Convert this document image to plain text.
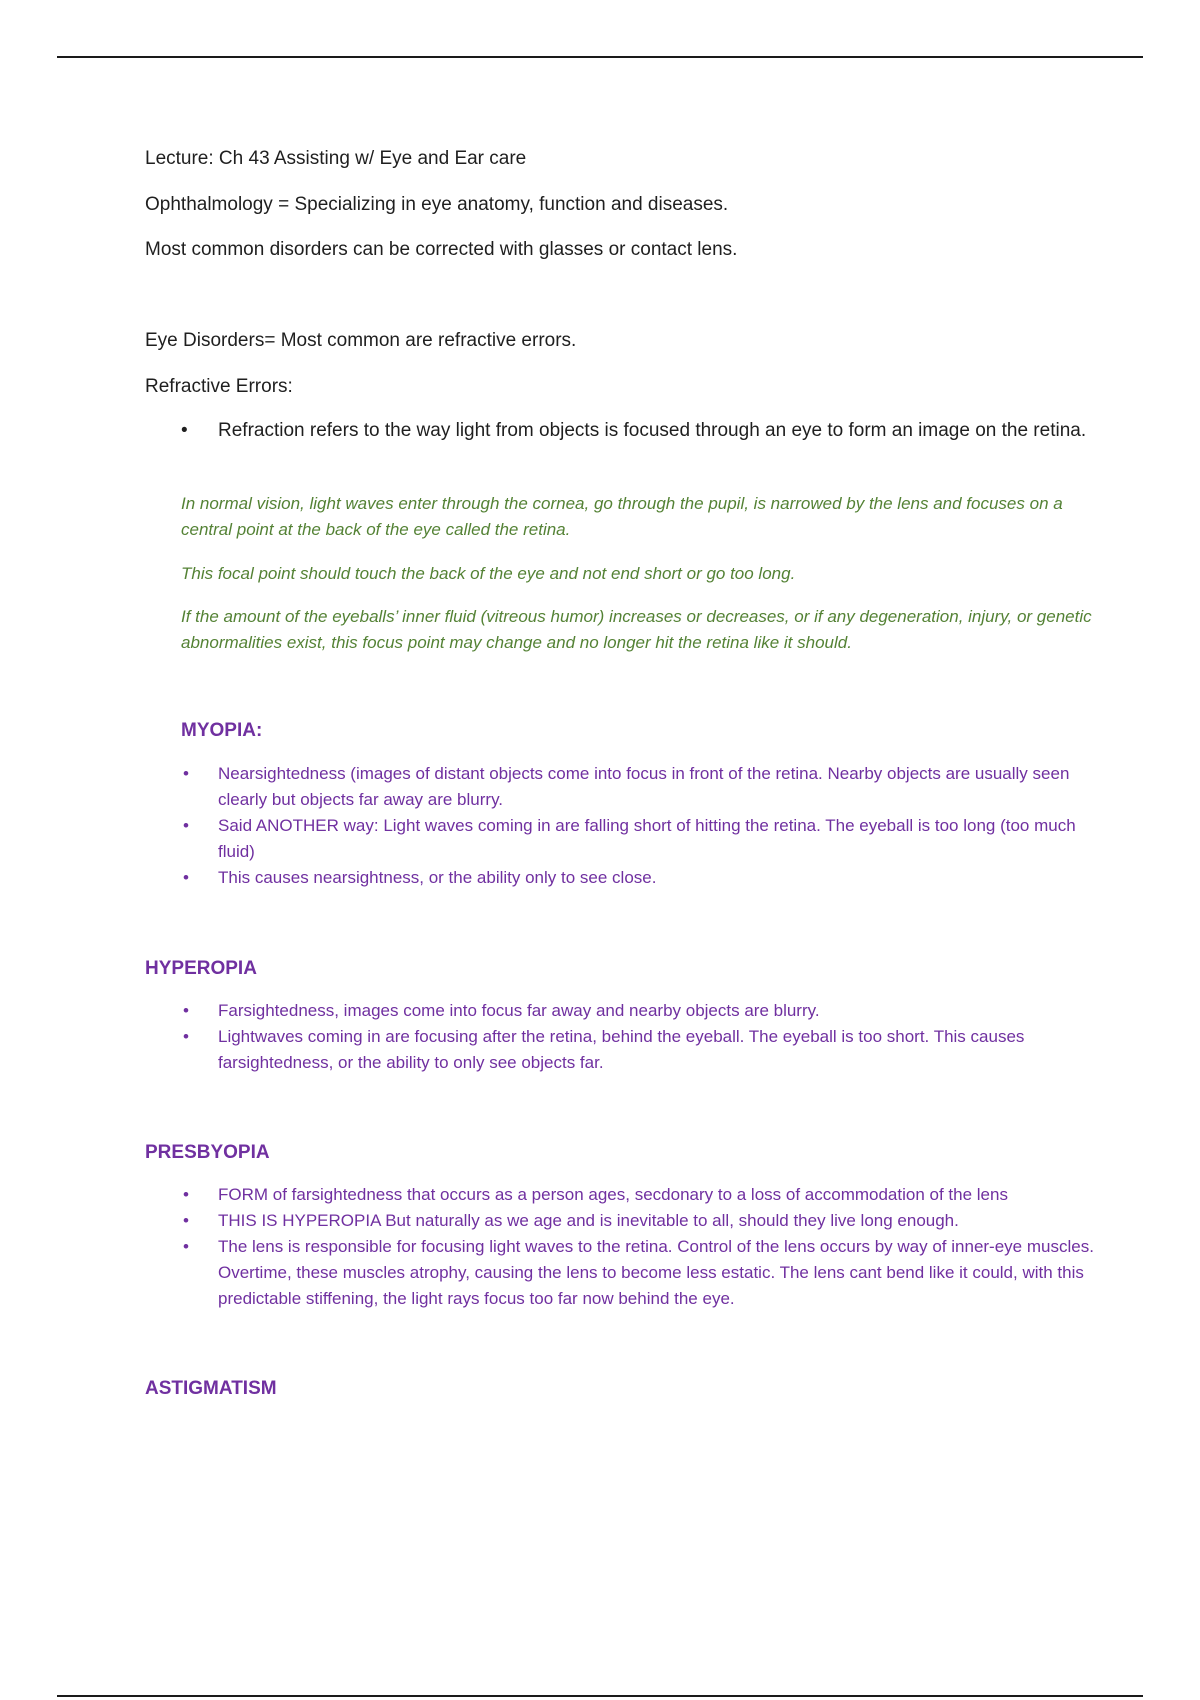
Lecture: Ch 43 Assisting w/ Eye and Ear care

Ophthalmology = Specializing in eye anatomy, function and diseases.

Most common disorders can be corrected with glasses or contact lens.

Eye Disorders= Most common are refractive errors.

Refractive Errors:

• Refraction refers to the way light from objects is focused through an eye to form an image on the retina.
In normal vision, light waves enter through the cornea, go through the pupil, is narrowed by the lens and focuses on a central point at the back of the eye called the retina.
This focal point should touch the back of the eye and not end short or go too long.
If the amount of the eyeballs’ inner fluid (vitreous humor) increases or decreases, or if any degeneration, injury, or genetic abnormalities exist, this focus point may change and no longer hit the retina like it should.
MYOPIA:
• Nearsightedness (images of distant objects come into focus in front of the retina. Nearby objects are usually seen clearly but objects far away are blurry.
• Said ANOTHER way: Light waves coming in are falling short of hitting the retina. The eyeball is too long (too much fluid)
• This causes nearsightness, or the ability only to see close.
HYPEROPIA
• Farsightedness, images come into focus far away and nearby objects are blurry.
• Lightwaves coming in are focusing after the retina, behind the eyeball. The eyeball is too short. This causes farsightedness, or the ability to only see objects far.
PRESBYOPIA
• FORM of farsightedness that occurs as a person ages, secdonary to a loss of accommodation of the lens
• THIS IS HYPEROPIA But naturally as we age and is inevitable to all, should they live long enough.
• The lens is responsible for focusing light waves to the retina. Control of the lens occurs by way of inner-eye muscles. Overtime, these muscles atrophy, causing the lens to become less estatic. The lens cant bend like it could, with this predictable stiffening, the light rays focus too far now behind the eye.
ASTIGMATISM
